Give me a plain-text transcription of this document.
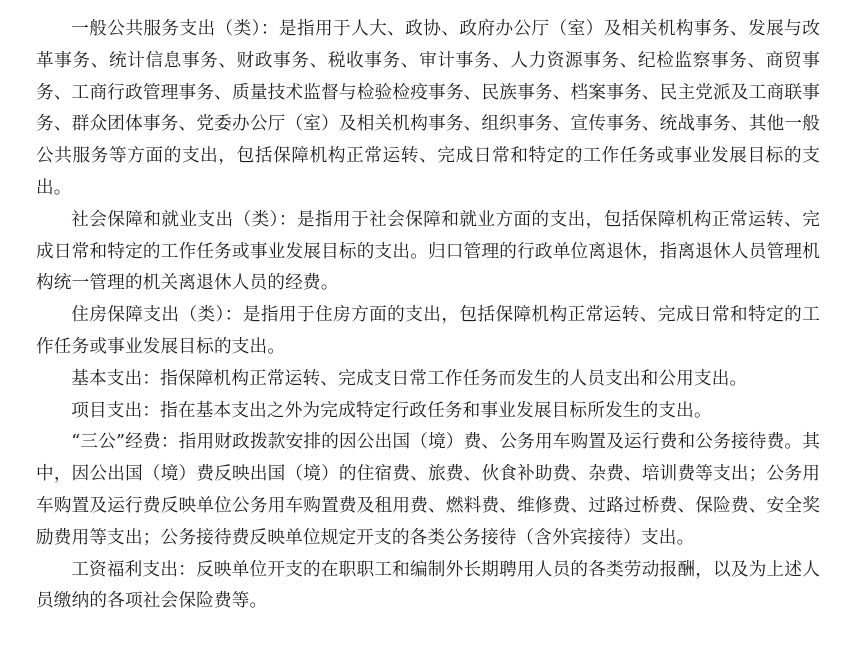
一般公共服务支出（类）：是指用于人大、政协、政府办公厅（室）及相关机构事务、发展与改革事务、统计信息事务、财政事务、税收事务、审计事务、人力资源事务、纪检监察事务、商贸事务、工商行政管理事务、质量技术监督与检验检疫事务、民族事务、档案事务、民主党派及工商联事务、群众团体事务、党委办公厅（室）及相关机构事务、组织事务、宣传事务、统战事务、其他一般公共服务等方面的支出，包括保障机构正常运转、完成日常和特定的工作任务或事业发展目标的支出。

社会保障和就业支出（类）：是指用于社会保障和就业方面的支出，包括保障机构正常运转、完成日常和特定的工作任务或事业发展目标的支出。归口管理的行政单位离退休，指离退休人员管理机构统一管理的机关离退休人员的经费。

住房保障支出（类）：是指用于住房方面的支出，包括保障机构正常运转、完成日常和特定的工作任务或事业发展目标的支出。

基本支出：指保障机构正常运转、完成支日常工作任务而发生的人员支出和公用支出。

项目支出：指在基本支出之外为完成特定行政任务和事业发展目标所发生的支出。

“三公”经费：指用财政拨款安排的因公出国（境）费、公务用车购置及运行费和公务接待费。其中，因公出国（境）费反映出国（境）的住宿费、旅费、伙食补助费、杂费、培训费等支出；公务用车购置及运行费反映单位公务用车购置费及租用费、燃料费、维修费、过路过桥费、保险费、安全奖励费用等支出；公务接待费反映单位规定开支的各类公务接待（含外宾接待）支出。

工资福利支出：反映单位开支的在职职工和编制外长期聘用人员的各类劳动报酬，以及为上述人员缴纳的各项社会保险费等。
